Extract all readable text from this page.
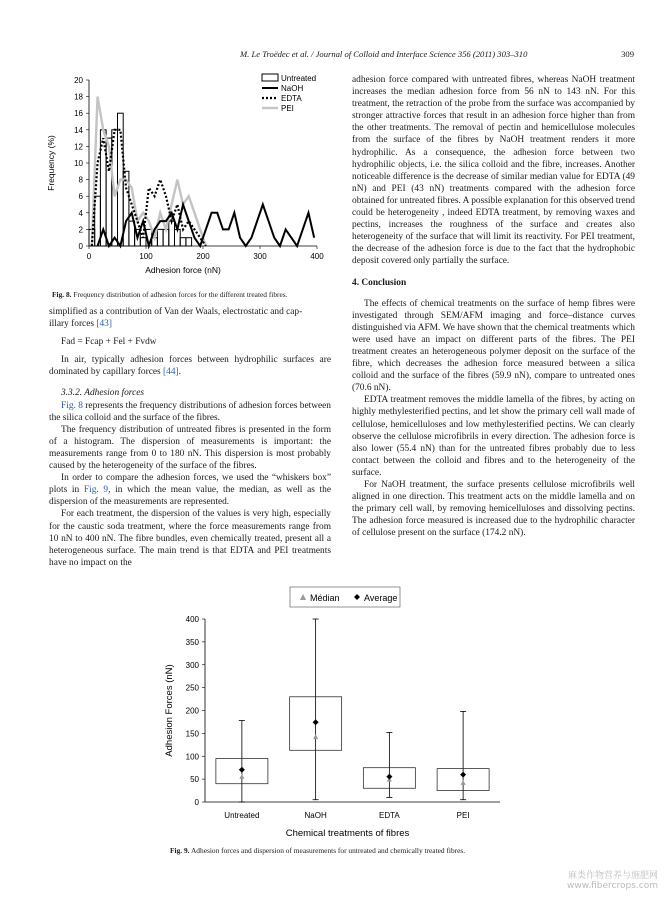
M. Le Troëdec et al. / Journal of Colloid and Interface Science 356 (2011) 303–310	309
0
2
4
6
8
10
12
14
16
18
20
0	100	200	300	400
Adhesion force (nN)
Frequency (%)
Untreated
NaOH
EDTA
PEI
Fig. 8. Frequency distribution of adhesion forces for the different treated fibres.

simplified as a contribution of Van der Waals, electrostatic and cap-
illary forces [43]

Fad = Fcap + Fel + Fvdw

In air, typically adhesion forces between hydrophilic surfaces are dominated by capillary forces [44].

3.3.2. Adhesion forces

Fig. 8 represents the frequency distributions of adhesion forces between the silica colloid and the surface of the fibres.

The frequency distribution of untreated fibres is presented in the form of a histogram. The dispersion of measurements is important: the measurements range from 0 to 180 nN. This dispersion is most probably caused by the heterogeneity of the surface of the fibres.

In order to compare the adhesion forces, we used the “whiskers box” plots in Fig. 9, in which the mean value, the median, as well as the dispersion of the measurements are represented.

For each treatment, the dispersion of the values is very high, especially for the caustic soda treatment, where the force measurements range from 10 nN to 400 nN. The fibre bundles, even chemically treated, present all a heterogeneous surface. The main trend is that EDTA and PEI treatments have no impact on the

adhesion force compared with untreated fibres, whereas NaOH treatment increases the median adhesion force from 56 nN to 143 nN. For this treatment, the retraction of the probe from the surface was accompanied by stronger attractive forces that result in an adhesion force higher than from the other treatments. The removal of pectin and hemicellulose molecules from the surface of the fibres by NaOH treatment renders it more hydrophilic. As a consequence, the adhesion force between two hydrophilic objects, i.e. the silica colloid and the fibre, increases. Another noticeable difference is the decrease of similar median value for EDTA (49 nN) and PEI (43 nN) treatments compared with the adhesion force obtained for untreated fibres. A possible explanation for this observed trend could be heterogeneity , indeed EDTA treatment, by removing waxes and pectins, increases the roughness of the surface and creates also heterogeneity of the surface that will limit its reactivity. For PEI treatment, the decrease of the adhesion force is due to the fact that the hydrophobic deposit covered only partially the surface.

4. Conclusion

The effects of chemical treatments on the surface of hemp fibres were investigated through SEM/AFM imaging and force–distance curves distinguished via AFM. We have shown that the chemical treatments which were used have an impact on different parts of the fibres. The PEI treatment creates an heterogeneous polymer deposit on the surface of the fibre, which decreases the adhesion force measured between a silica colloid and the surface of the fibres (59.9 nN), compare to untreated ones (70.6 nN).

EDTA treatment removes the middle lamella of the fibres, by acting on highly methylesterified pectins, and let show the primary cell wall made of cellulose, hemicelluloses and low methylesterified pectins. We can clearly observe the cellulose microfibrils in every direction. The adhesion force is also lower (55.4 nN) than for the untreated fibres probably due to less contact between the colloid and fibres and to the heterogeneity of the surface.

For NaOH treatment, the surface presents cellulose microfibrils well aligned in one direction. This treatment acts on the middle lamella and on the primary cell wall, by removing hemicelluloses and dissolving pectins. The adhesion force measured is increased due to the hydrophilic character of cellulose present on the surface (174.2 nN).

Médian	Average
0
50
100
150
200
250
300
350
400
Adhesion Forces (nN)
Chemical treatments of fibres
Untreated	NaOH	EDTA	PEI
Fig. 9. Adhesion forces and dispersion of measurements for untreated and chemically treated fibres.
麻类作物营养与施肥网
www.fibercrops.com
